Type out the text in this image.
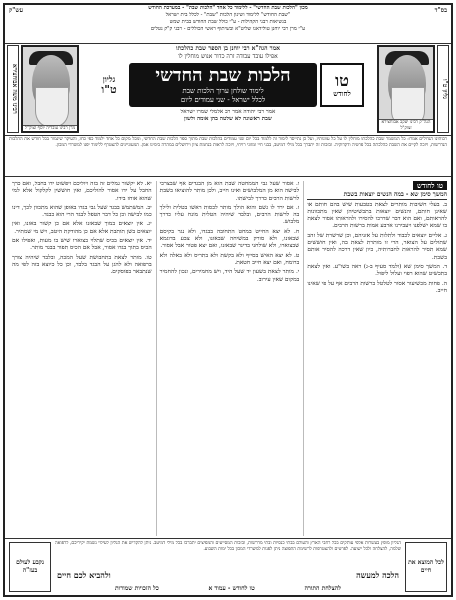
בס"ד
עש"ק	מכון "הלכות שבת החדשי" - ללימוד כל אחד "הלכות שבת" - במערכת החודש
"שבת החודש" ללימוד ושינון הלכות "שבת" - לכלל בית ישראל
בנשיאות רבני הקהילות - ע"י כולל שבת החודש בבית שמש
ע"י מרן רבי יוחנן טולידאנו שליט"א ובשיתוף ראשי הכוללים - רבני ק"ק נטלים
גליון ט"ו
הגה"ק רבינו יעקב אבוחצירא זצוק"ל
רבינו משה אבוחצירא
מרן רבינו עובדיה יוסף זצוק"ל
אמר הגה"א רבי יוחנן בן הספר שבת כהלכתו
אפילו עובד עבודה זרה כדור אנוש מוחלין לו
טו
לחודש
הלכות שבת החדשי
לימוד שולחן ערוך הלכות שבת
לכלל ישראל - שני עמודים ליום
גליון
ט"ו
אמר רבי יהודה אמר רב אלמלי שמרו ישראל
שבת ראשונה לא שלטה בהן אומה ולשון
רבותינו הגדולים אמרו: כל המשמר שבת כהלכתו מוחלין לו על כל עוונותיו, ועל כן נתייסד לימוד זה ללמוד בכל יום שני עמודים בהלכות שבת מתוך ספר הלכות שבת החדשי, ומכל מקום כל אחד ילמוד כפי כחו, והעיקר שיגמור בכל חודש את ההלכות הנדרשות, ויזכה לקיים את השבת כהלכתה בכל פרטיה ודקדוקיה. ובזכות זה יתברך בכל מילי דמיטב, בבני חיי ומזוני רויחי, ויזכה לראות בנחמת ציון וירושלים במהרה בימינו אמן. המעוניינים להצטרף ללימוד יפנו למשרדי המכון.
טו לחודש
המשך סימן שא - במה הנשים יוצאות בשבת
ב. בעלי חשיבות מותרים לצאת בטבעות שיש בהם חותם או שאינן חותם, והנשים יוצאות בתכשיטיהן שאין מתכוונות להראותם, ואם הוא דבר שדרכו להסירו ולהראותו אסור לצאת בו שמא ישלפנו ויעבירנו ארבע אמות ברשות הרבים.
ג. אליים יוצאים לכבוד ולתלות על אזניהם, וכן שרשרת של זהב שתולים על הצואר, הרי זו מותרת לצאת בה, ואין חוששים שמא תסיר להראות לחברותיה, כיון שאין דרכה להסיר אותם בשבת.
ד. המשך סימן שא (ולמד סעיף ב-ג) ראה בשו"ע. ואין לצאת בתכשיט שהוא רפוי ועלול ליפול.
ה. פחות מכשיעור אסור לטלטל ברשות הרבים אף על פי שאינו חייב.
ו. אסור שעל גבי הממחטה שבת הוא מן הבגדים אף שבצרכי לבישה הוא מן המלבושים ואינו חייב, ולכן מותר להוציאו בשבת לרשות הרבים כדרך לבישתו.
ז. אם ירד לו גשם והוא הולך מותר לכסות ראשו בטלית ולילך בה לרשות הרבים, ובלבד שיהיה הטלית מונח עליו כדרך מלבוש.
ח. לא יצא החייט במחט התחובה בבגדו, ולא נגר בקיסם שבאזנו, ולא סורק במשיחה שבאזנו, ולא צבע בדוגמא שבצוארו, ולא שולחני בדינר שבאזנו, ואם יצא פטור אבל אסור.
ט. לא יצא האיש בסייף ולא בקשת ולא בתריס ולא באלה ולא ברומח, ואם יצא חייב חטאת.
י. מותר לצאת בשעון יד שעל היד, ויש מחמירים, ונכון להחמיר במקום שאין עירוב.
יא. לא יקשור גמלים זה בזה ויוליכם ויפשוט ידו בחבל, ואם כרך החבל על ידו אסור להוליכם, ואין חוששין לקלקול אלא למי שהוא אוחז בידו.
יב. המשתמש בבגד שעל גבי בגדו באופן שהוא מתכוון לכך, דינו כמו לבישה וכן כל דבר הטפל לבגד הרי הוא כבגד.
יג. אין יוצאים במוך שבאזנו אלא אם כן קשור באזנו, ואין יוצאים בשן תותבת אלא אם כן מהודקת היטב, ויש מי שמתיר.
יד. אין יוצאים בכיס שתלוי בצוארו שיש בו מעות, ואפילו אם הכיס בתוך בגדו אסור, אבל אם הכיס תפור בבגד מותר.
טו. מותר לצאת בתחבושת שעל המכה, ובלבד שיהיה צורך ברפואה ולא להגן על הבגד בלבד, וכן כל כיוצא בזה לפי מה שנתבאר בפוסקים.
לכל המוצא את חיים
נקבע לעולם בעז"ה
הגליון מופץ בעשרות אלפי עותקים בכל רחבי הארץ והעולם בבתי כנסיות ובתי מדרשות, ובזכות המסייעים והמפיצים יתברכו בכל מילי דמיטב. ניתן להקדיש את הגליון לעילוי נשמת יקיריכם, לרפואה שלמה, להצלחה ולכל ישועה. לפרטים ולהצטרפות לרשימת התפוצה ניתן לפנות למשרדי המכון בכל ימות השבוע.
הלכה למעשה
ולהביא לכם חיים
להצלחת התורה
טו לחודש - עמוד א
כל הזכויות שמורות
